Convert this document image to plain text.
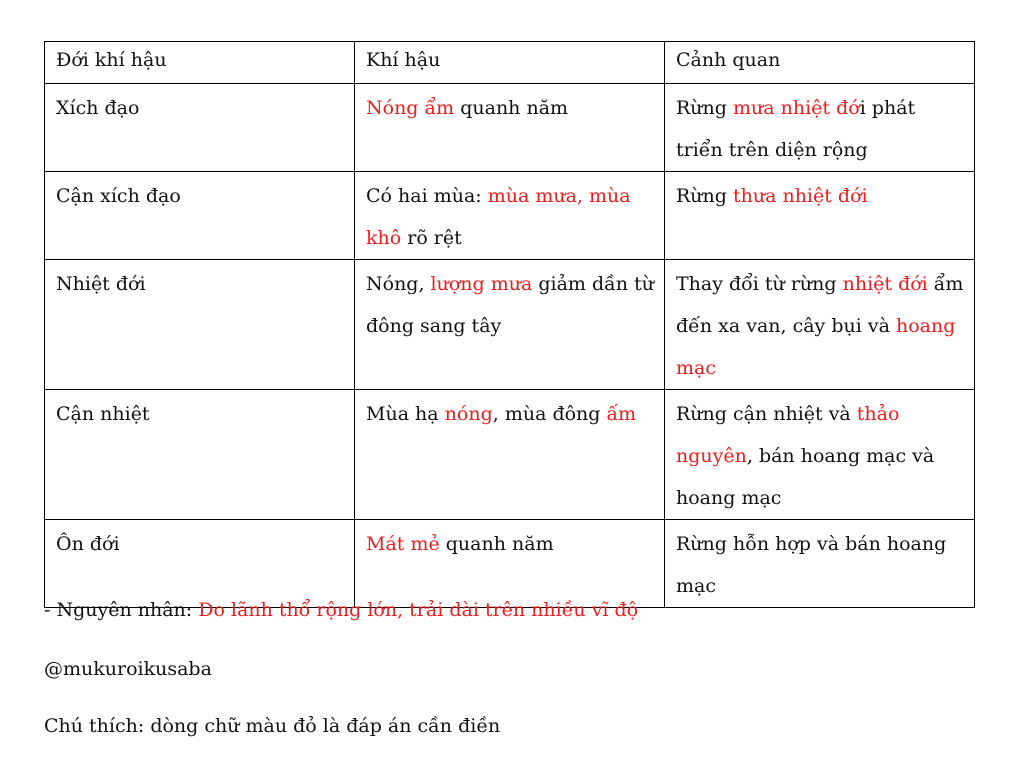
Đới khí hậu	Khí hậu	Cảnh quan
Xích đạo	Nóng ẩm quanh năm	Rừng mưa nhiệt đới phát triển trên diện rộng
Cận xích đạo	Có hai mùa: mùa mưa, mùa khô rõ rệt	Rừng thưa nhiệt đới
Nhiệt đới	Nóng, lượng mưa giảm dần từ đông sang tây	Thay đổi từ rừng nhiệt đới ẩm đến xa van, cây bụi và hoang mạc
Cận nhiệt	Mùa hạ nóng, mùa đông ấm	Rừng cận nhiệt và thảo nguyên, bán hoang mạc và hoang mạc
Ôn đới	Mát mẻ quanh năm	Rừng hỗn hợp và bán hoang mạc

- Nguyên nhân: Do lãnh thổ rộng lớn, trải dài trên nhiều vĩ độ

@mukuroikusaba

Chú thích: dòng chữ màu đỏ là đáp án cần điền
